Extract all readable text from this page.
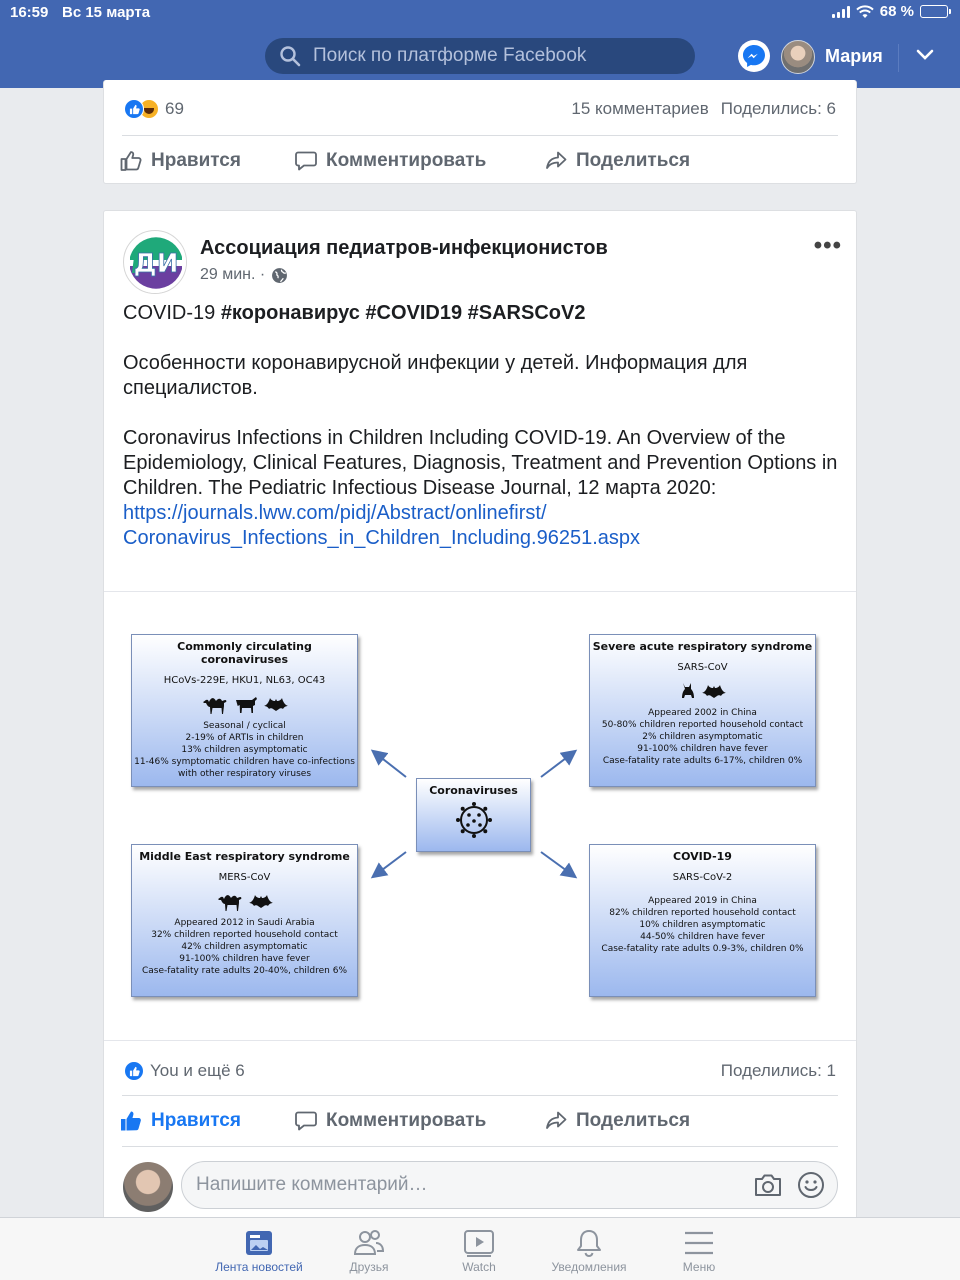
16:59 Вс 15 марта	68 %
Поиск по платформе Facebook
Мария
69	15 комментариев Поделились: 6
Нравится	Комментировать	Поделиться
ДИ
Ассоциация педиатров-инфекционистов
29 мин. ·
•••

COVID-19 #коронавирус #COVID19 #SARSCoV2

Особенности коронавирусной инфекции у детей. Информация для специалистов.

Coronavirus Infections in Children Including COVID-19. An Overview of the Epidemiology, Clinical Features, Diagnosis, Treatment and Prevention Options in Children. The Pediatric Infectious Disease Journal, 12 марта 2020:

https://journals.lww.com/pidj/Abstract/onlinefirst/
Coronavirus_Infections_in_Children_Including.96251.aspx
Commonly circulating coronaviruses
HCoVs-229E, HKU1, NL63, OC43
Seasonal / cyclical
2-19% of ARTIs in children
13% children asymptomatic
11-46% symptomatic children have co-infections
with other respiratory viruses
Severe acute respiratory syndrome
SARS-CoV
Appeared 2002 in China
50-80% children reported household contact
2% children asymptomatic
91-100% children have fever
Case-fatality rate adults 6-17%, children 0%
Coronaviruses
Middle East respiratory syndrome
MERS-CoV
Appeared 2012 in Saudi Arabia
32% children reported household contact
42% children asymptomatic
91-100% children have fever
Case-fatality rate adults 20-40%, children 6%
COVID-19
SARS-CoV-2
Appeared 2019 in China
82% children reported household contact
10% children asymptomatic
44-50% children have fever
Case-fatality rate adults 0.9-3%, children 0%
You и ещё 6	Поделились: 1
Нравится	Комментировать	Поделиться
Напишите комментарий…
Лента новостей	Друзья	Watch	Уведомления	Меню
